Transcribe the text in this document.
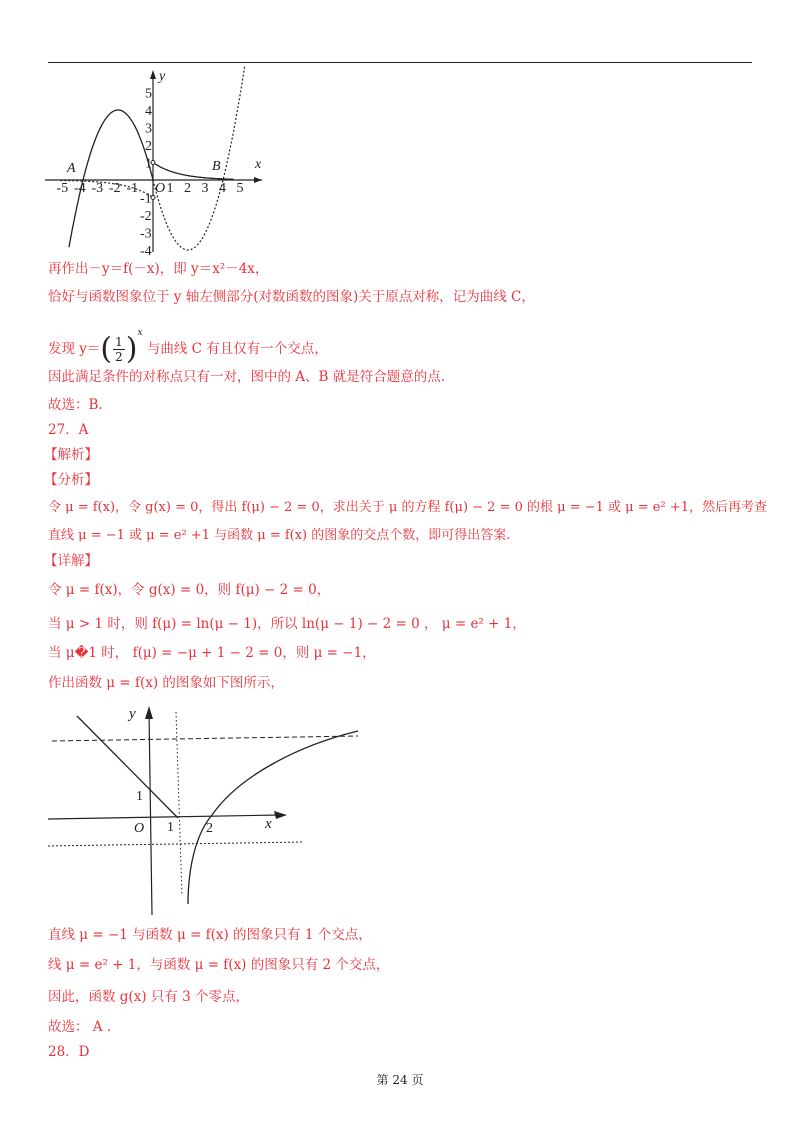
y
x
A	B
O
-5 -4 -3 -2 -1 1 2 3 4 5
5
4
3
2
1
-1
-2
-3
-4
y
x
1
O 1 2
再作出－y＝f(－x)，即 y＝x²－4x，
恰好与函数图象位于 y 轴左侧部分(对数函数的图象)关于原点对称，记为曲线 C，
发现 $y=( \frac{1}{2} )^x$ 与曲线 C 有且仅有一个交点，
因此满足条件的对称点只有一对，图中的 A、B 就是符合题意的点.
故选：B.
27．A
【解析】
【分析】
令 μ = f(x)，令 g(x) = 0，得出 f(μ) − 2 = 0，求出关于 μ 的方程 f(μ) − 2 = 0 的根 μ = −1 或 μ = e² +1，然后再考查
直线 μ = −1 或 μ = e² +1 与函数 μ = f(x) 的图象的交点个数，即可得出答案.
【详解】
令 μ = f(x)，令 g(x) = 0，则 f(μ) − 2 = 0，
当 μ > 1 时，则 f(μ) = ln(μ − 1)，所以 ln(μ − 1) − 2 = 0 ， μ = e² + 1，
当 μ�1 时， f(μ) = −μ + 1 − 2 = 0，则 μ = −1，
作出函数 μ = f(x) 的图象如下图所示，
直线 μ = −1 与函数 μ = f(x) 的图象只有 1 个交点，
线 μ = e² + 1，与函数 μ = f(x) 的图象只有 2 个交点，
因此，函数 g(x) 只有 3 个零点，
故选： A .
28．D
第 24 页
